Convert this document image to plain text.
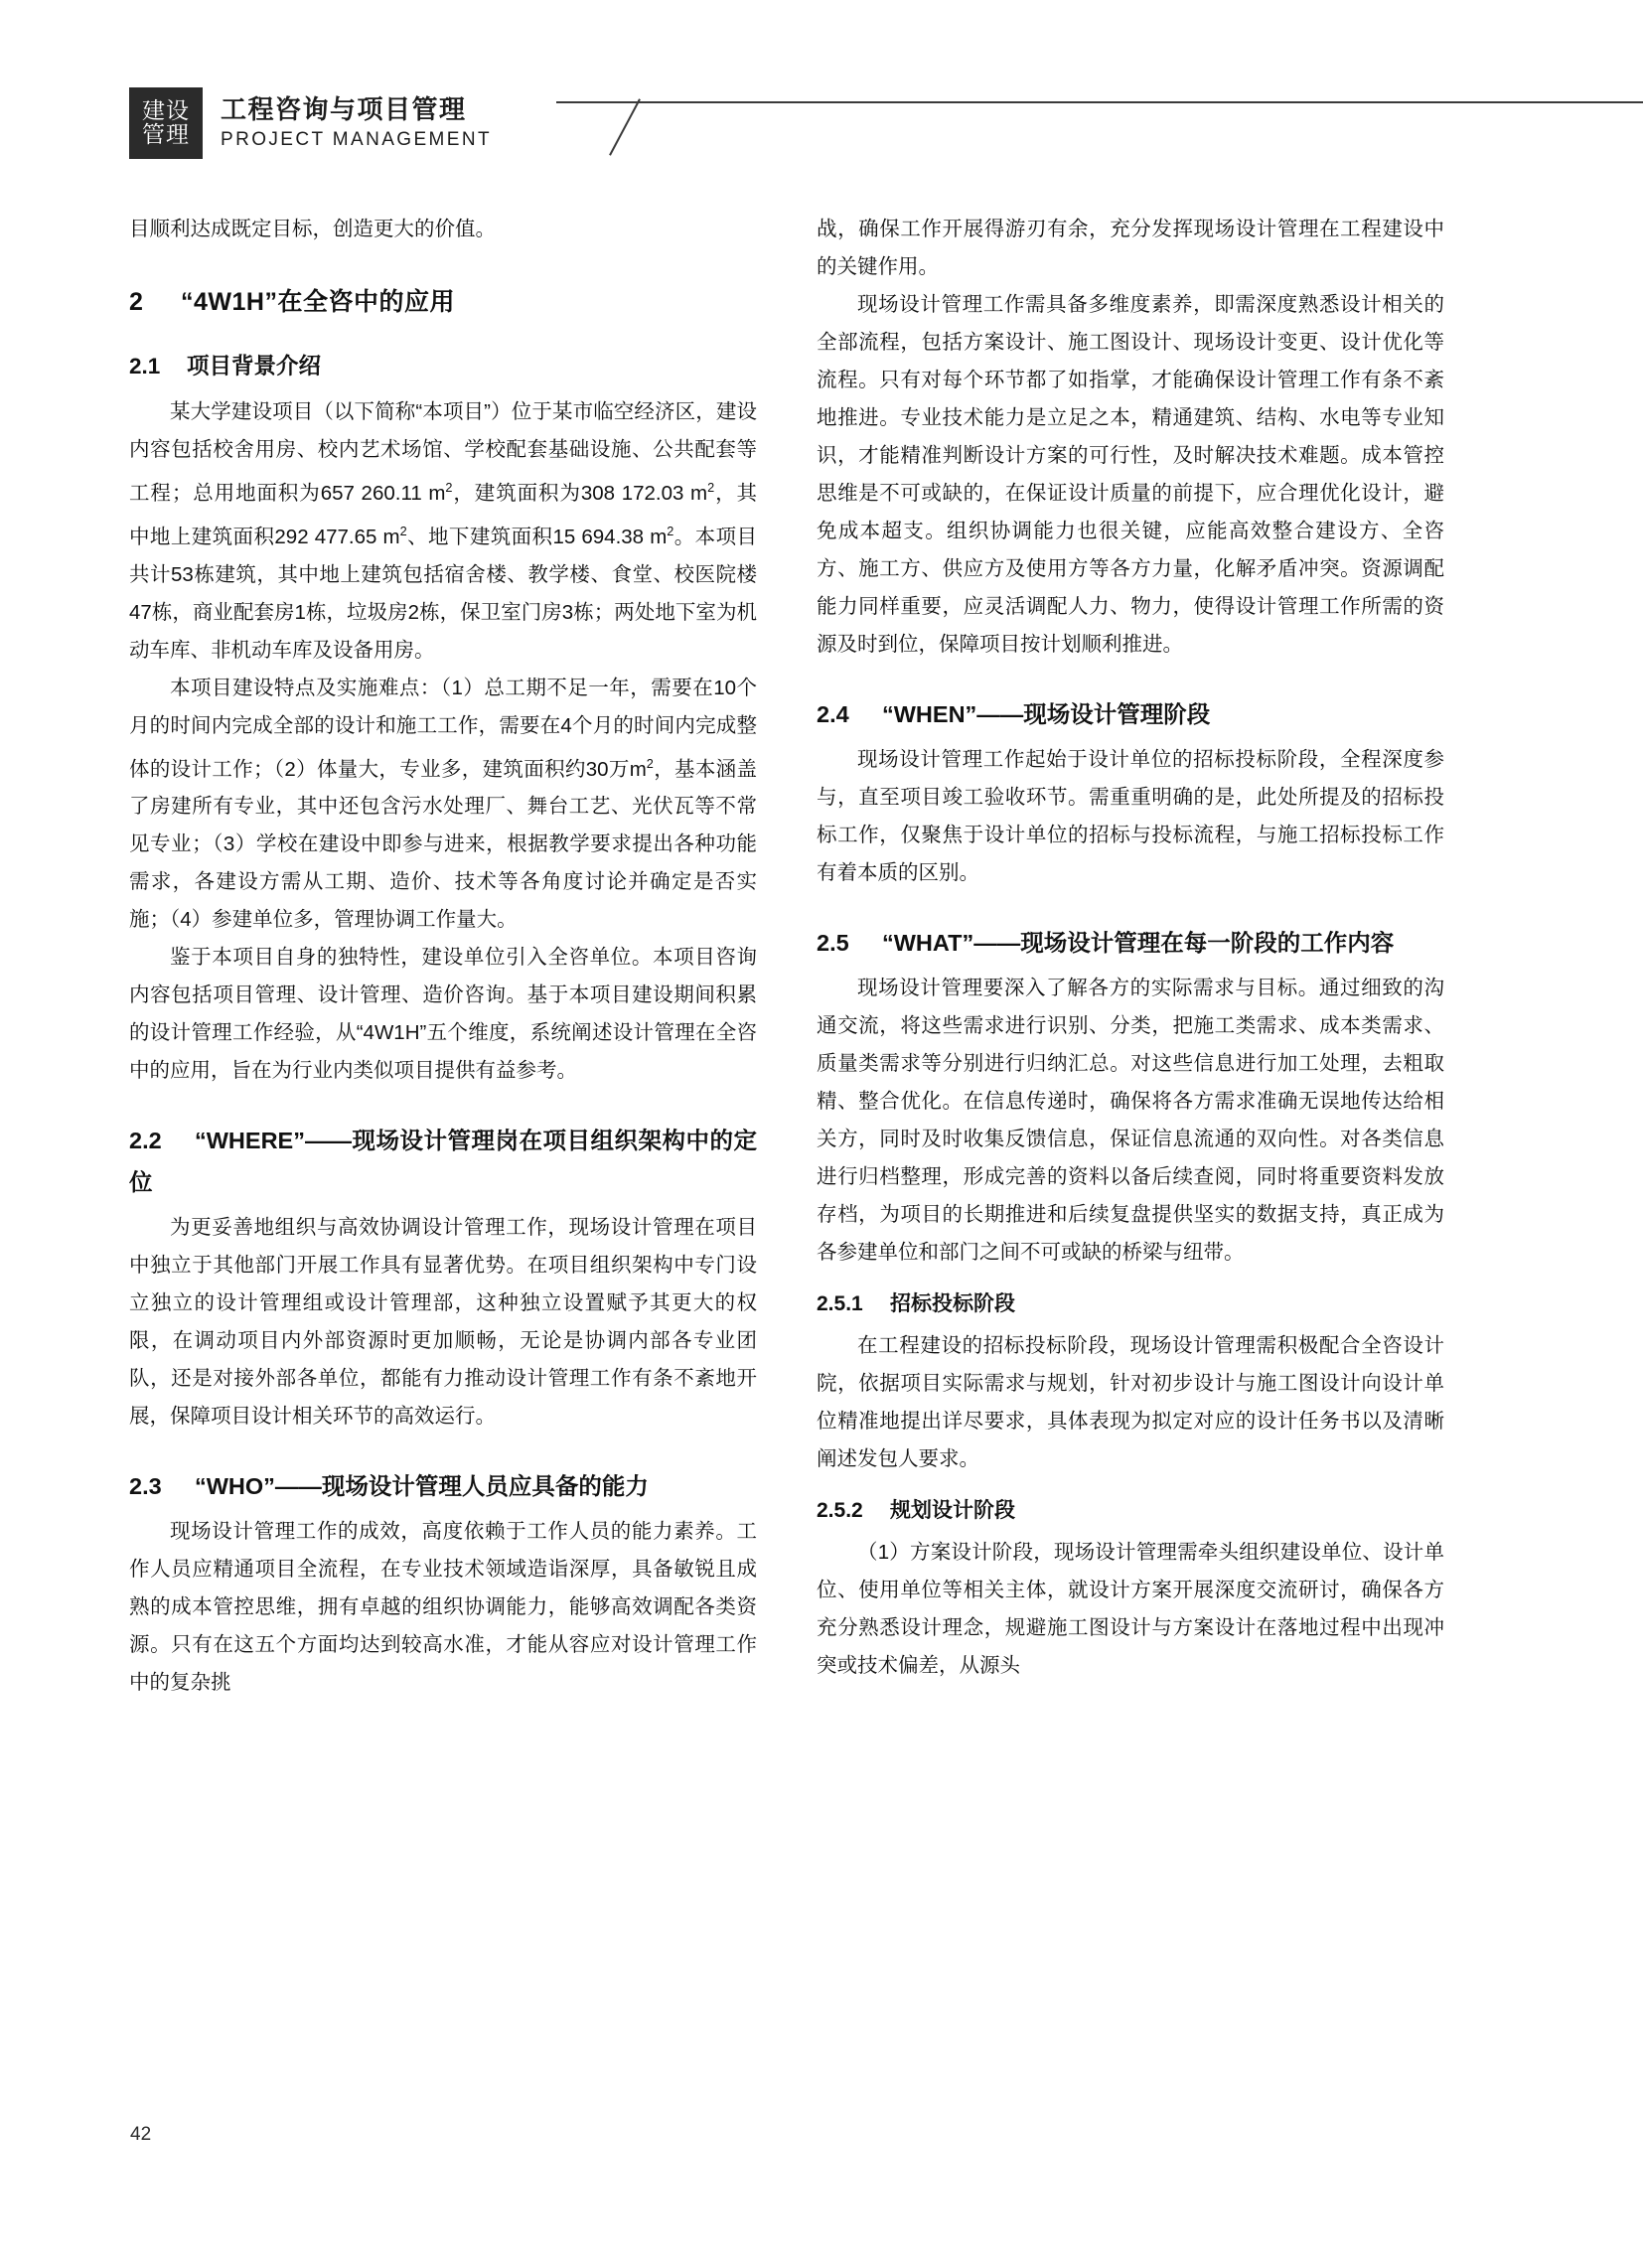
建设
管理
工程咨询与项目管理
PROJECT MANAGEMENT

目顺利达成既定目标，创造更大的价值。

2 “4W1H”在全咨中的应用
2.1 项目背景介绍

某大学建设项目（以下简称“本项目”）位于某市临空经济区，建设内容包括校舍用房、校内艺术场馆、学校配套基础设施、公共配套等工程；总用地面积为657 260.11 $m^2$，建筑面积为308 172.03 $m^2$，其中地上建筑面积292 477.65 $m^2$、地下建筑面积15 694.38 $m^2$。本项目共计53栋建筑，其中地上建筑包括宿舍楼、教学楼、食堂、校医院楼47栋，商业配套房1栋，垃圾房2栋，保卫室门房3栋；两处地下室为机动车库、非机动车库及设备用房。

本项目建设特点及实施难点：（1）总工期不足一年，需要在10个月的时间内完成全部的设计和施工工作，需要在4个月的时间内完成整体的设计工作；（2）体量大，专业多，建筑面积约30万$m^2$，基本涵盖了房建所有专业，其中还包含污水处理厂、舞台工艺、光伏瓦等不常见专业；（3）学校在建设中即参与进来，根据教学要求提出各种功能需求，各建设方需从工期、造价、技术等各角度讨论并确定是否实施；（4）参建单位多，管理协调工作量大。

鉴于本项目自身的独特性，建设单位引入全咨单位。本项目咨询内容包括项目管理、设计管理、造价咨询。基于本项目建设期间积累的设计管理工作经验，从“4W1H”五个维度，系统阐述设计管理在全咨中的应用，旨在为行业内类似项目提供有益参考。

2.2 “WHERE”——现场设计管理岗在项目组织架构中的定位

为更妥善地组织与高效协调设计管理工作，现场设计管理在项目中独立于其他部门开展工作具有显著优势。在项目组织架构中专门设立独立的设计管理组或设计管理部，这种独立设置赋予其更大的权限，在调动项目内外部资源时更加顺畅，无论是协调内部各专业团队，还是对接外部各单位，都能有力推动设计管理工作有条不紊地开展，保障项目设计相关环节的高效运行。

2.3 “WHO”——现场设计管理人员应具备的能力

现场设计管理工作的成效，高度依赖于工作人员的能力素养。工作人员应精通项目全流程，在专业技术领域造诣深厚，具备敏锐且成熟的成本管控思维，拥有卓越的组织协调能力，能够高效调配各类资源。只有在这五个方面均达到较高水准，才能从容应对设计管理工作中的复杂挑

战，确保工作开展得游刃有余，充分发挥现场设计管理在工程建设中的关键作用。

现场设计管理工作需具备多维度素养，即需深度熟悉设计相关的全部流程，包括方案设计、施工图设计、现场设计变更、设计优化等流程。只有对每个环节都了如指掌，才能确保设计管理工作有条不紊地推进。专业技术能力是立足之本，精通建筑、结构、水电等专业知识，才能精准判断设计方案的可行性，及时解决技术难题。成本管控思维是不可或缺的，在保证设计质量的前提下，应合理优化设计，避免成本超支。组织协调能力也很关键，应能高效整合建设方、全咨方、施工方、供应方及使用方等各方力量，化解矛盾冲突。资源调配能力同样重要，应灵活调配人力、物力，使得设计管理工作所需的资源及时到位，保障项目按计划顺利推进。

2.4 “WHEN”——现场设计管理阶段

现场设计管理工作起始于设计单位的招标投标阶段，全程深度参与，直至项目竣工验收环节。需重重明确的是，此处所提及的招标投标工作，仅聚焦于设计单位的招标与投标流程，与施工招标投标工作有着本质的区别。

2.5 “WHAT”——现场设计管理在每一阶段的工作内容

现场设计管理要深入了解各方的实际需求与目标。通过细致的沟通交流，将这些需求进行识别、分类，把施工类需求、成本类需求、质量类需求等分别进行归纳汇总。对这些信息进行加工处理，去粗取精、整合优化。在信息传递时，确保将各方需求准确无误地传达给相关方，同时及时收集反馈信息，保证信息流通的双向性。对各类信息进行归档整理，形成完善的资料以备后续查阅，同时将重要资料发放存档，为项目的长期推进和后续复盘提供坚实的数据支持，真正成为各参建单位和部门之间不可或缺的桥梁与纽带。

2.5.1 招标投标阶段

在工程建设的招标投标阶段，现场设计管理需积极配合全咨设计院，依据项目实际需求与规划，针对初步设计与施工图设计向设计单位精准地提出详尽要求，具体表现为拟定对应的设计任务书以及清晰阐述发包人要求。

2.5.2 规划设计阶段

（1）方案设计阶段，现场设计管理需牵头组织建设单位、设计单位、使用单位等相关主体，就设计方案开展深度交流研讨，确保各方充分熟悉设计理念，规避施工图设计与方案设计在落地过程中出现冲突或技术偏差，从源头

42
